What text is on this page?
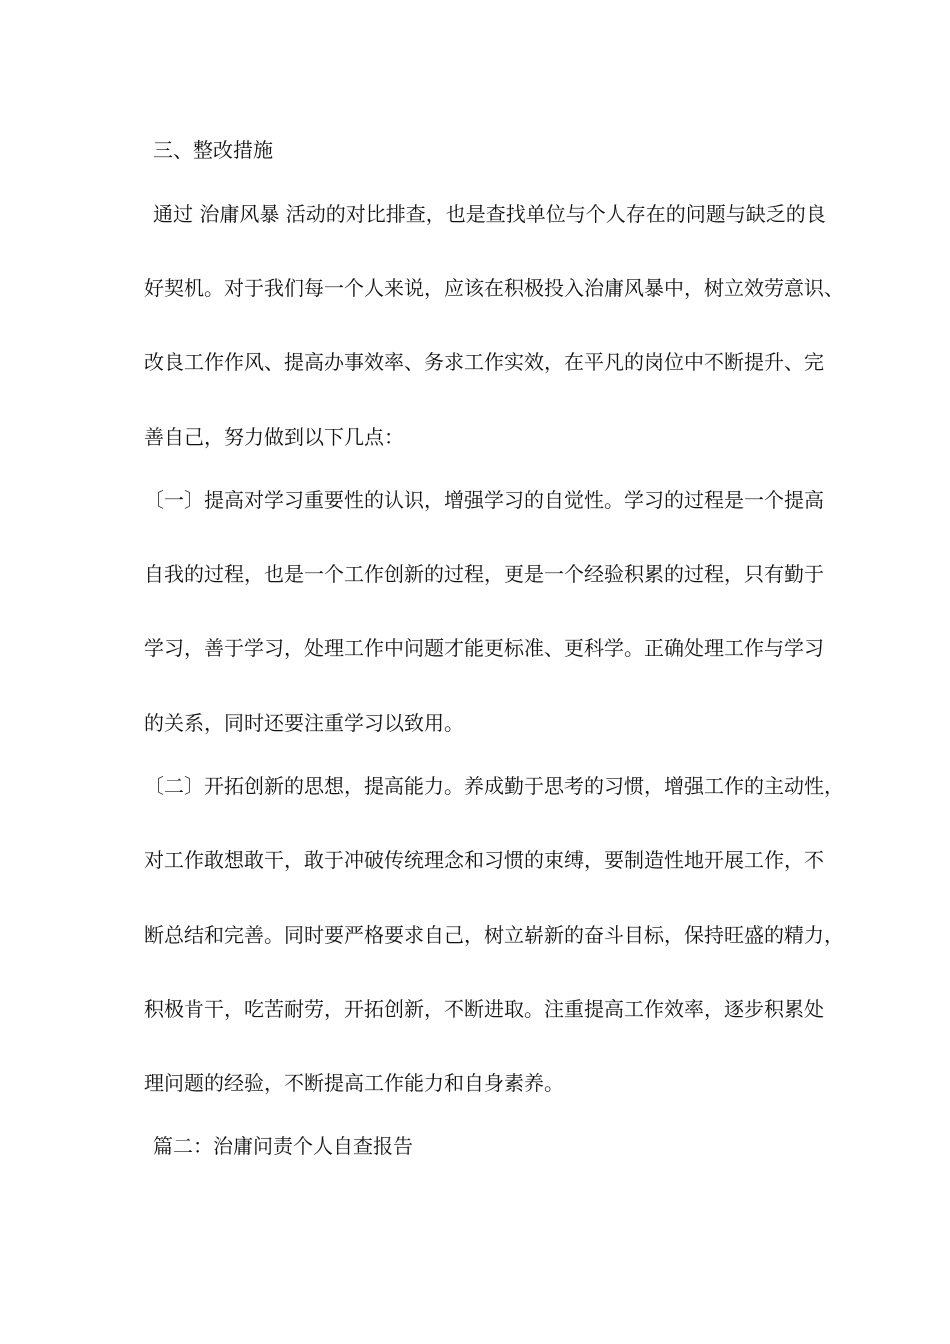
三、整改措施
通过 治庸风暴 活动的对比排查，也是查找单位与个人存在的问题与缺乏的良
好契机。对于我们每一个人来说，应该在积极投入治庸风暴中，树立效劳意识、
改良工作作风、提高办事效率、务求工作实效，在平凡的岗位中不断提升、完
善自己，努力做到以下几点：
〔一〕提高对学习重要性的认识，增强学习的自觉性。学习的过程是一个提高
自我的过程，也是一个工作创新的过程，更是一个经验积累的过程，只有勤于
学习，善于学习，处理工作中问题才能更标准、更科学。正确处理工作与学习
的关系，同时还要注重学习以致用。
〔二〕开拓创新的思想，提高能力。养成勤于思考的习惯，增强工作的主动性，
对工作敢想敢干，敢于冲破传统理念和习惯的束缚，要制造性地开展工作，不
断总结和完善。同时要严格要求自己，树立崭新的奋斗目标，保持旺盛的精力，
积极肯干，吃苦耐劳，开拓创新，不断进取。注重提高工作效率，逐步积累处
理问题的经验，不断提高工作能力和自身素养。
篇二：治庸问责个人自查报告
